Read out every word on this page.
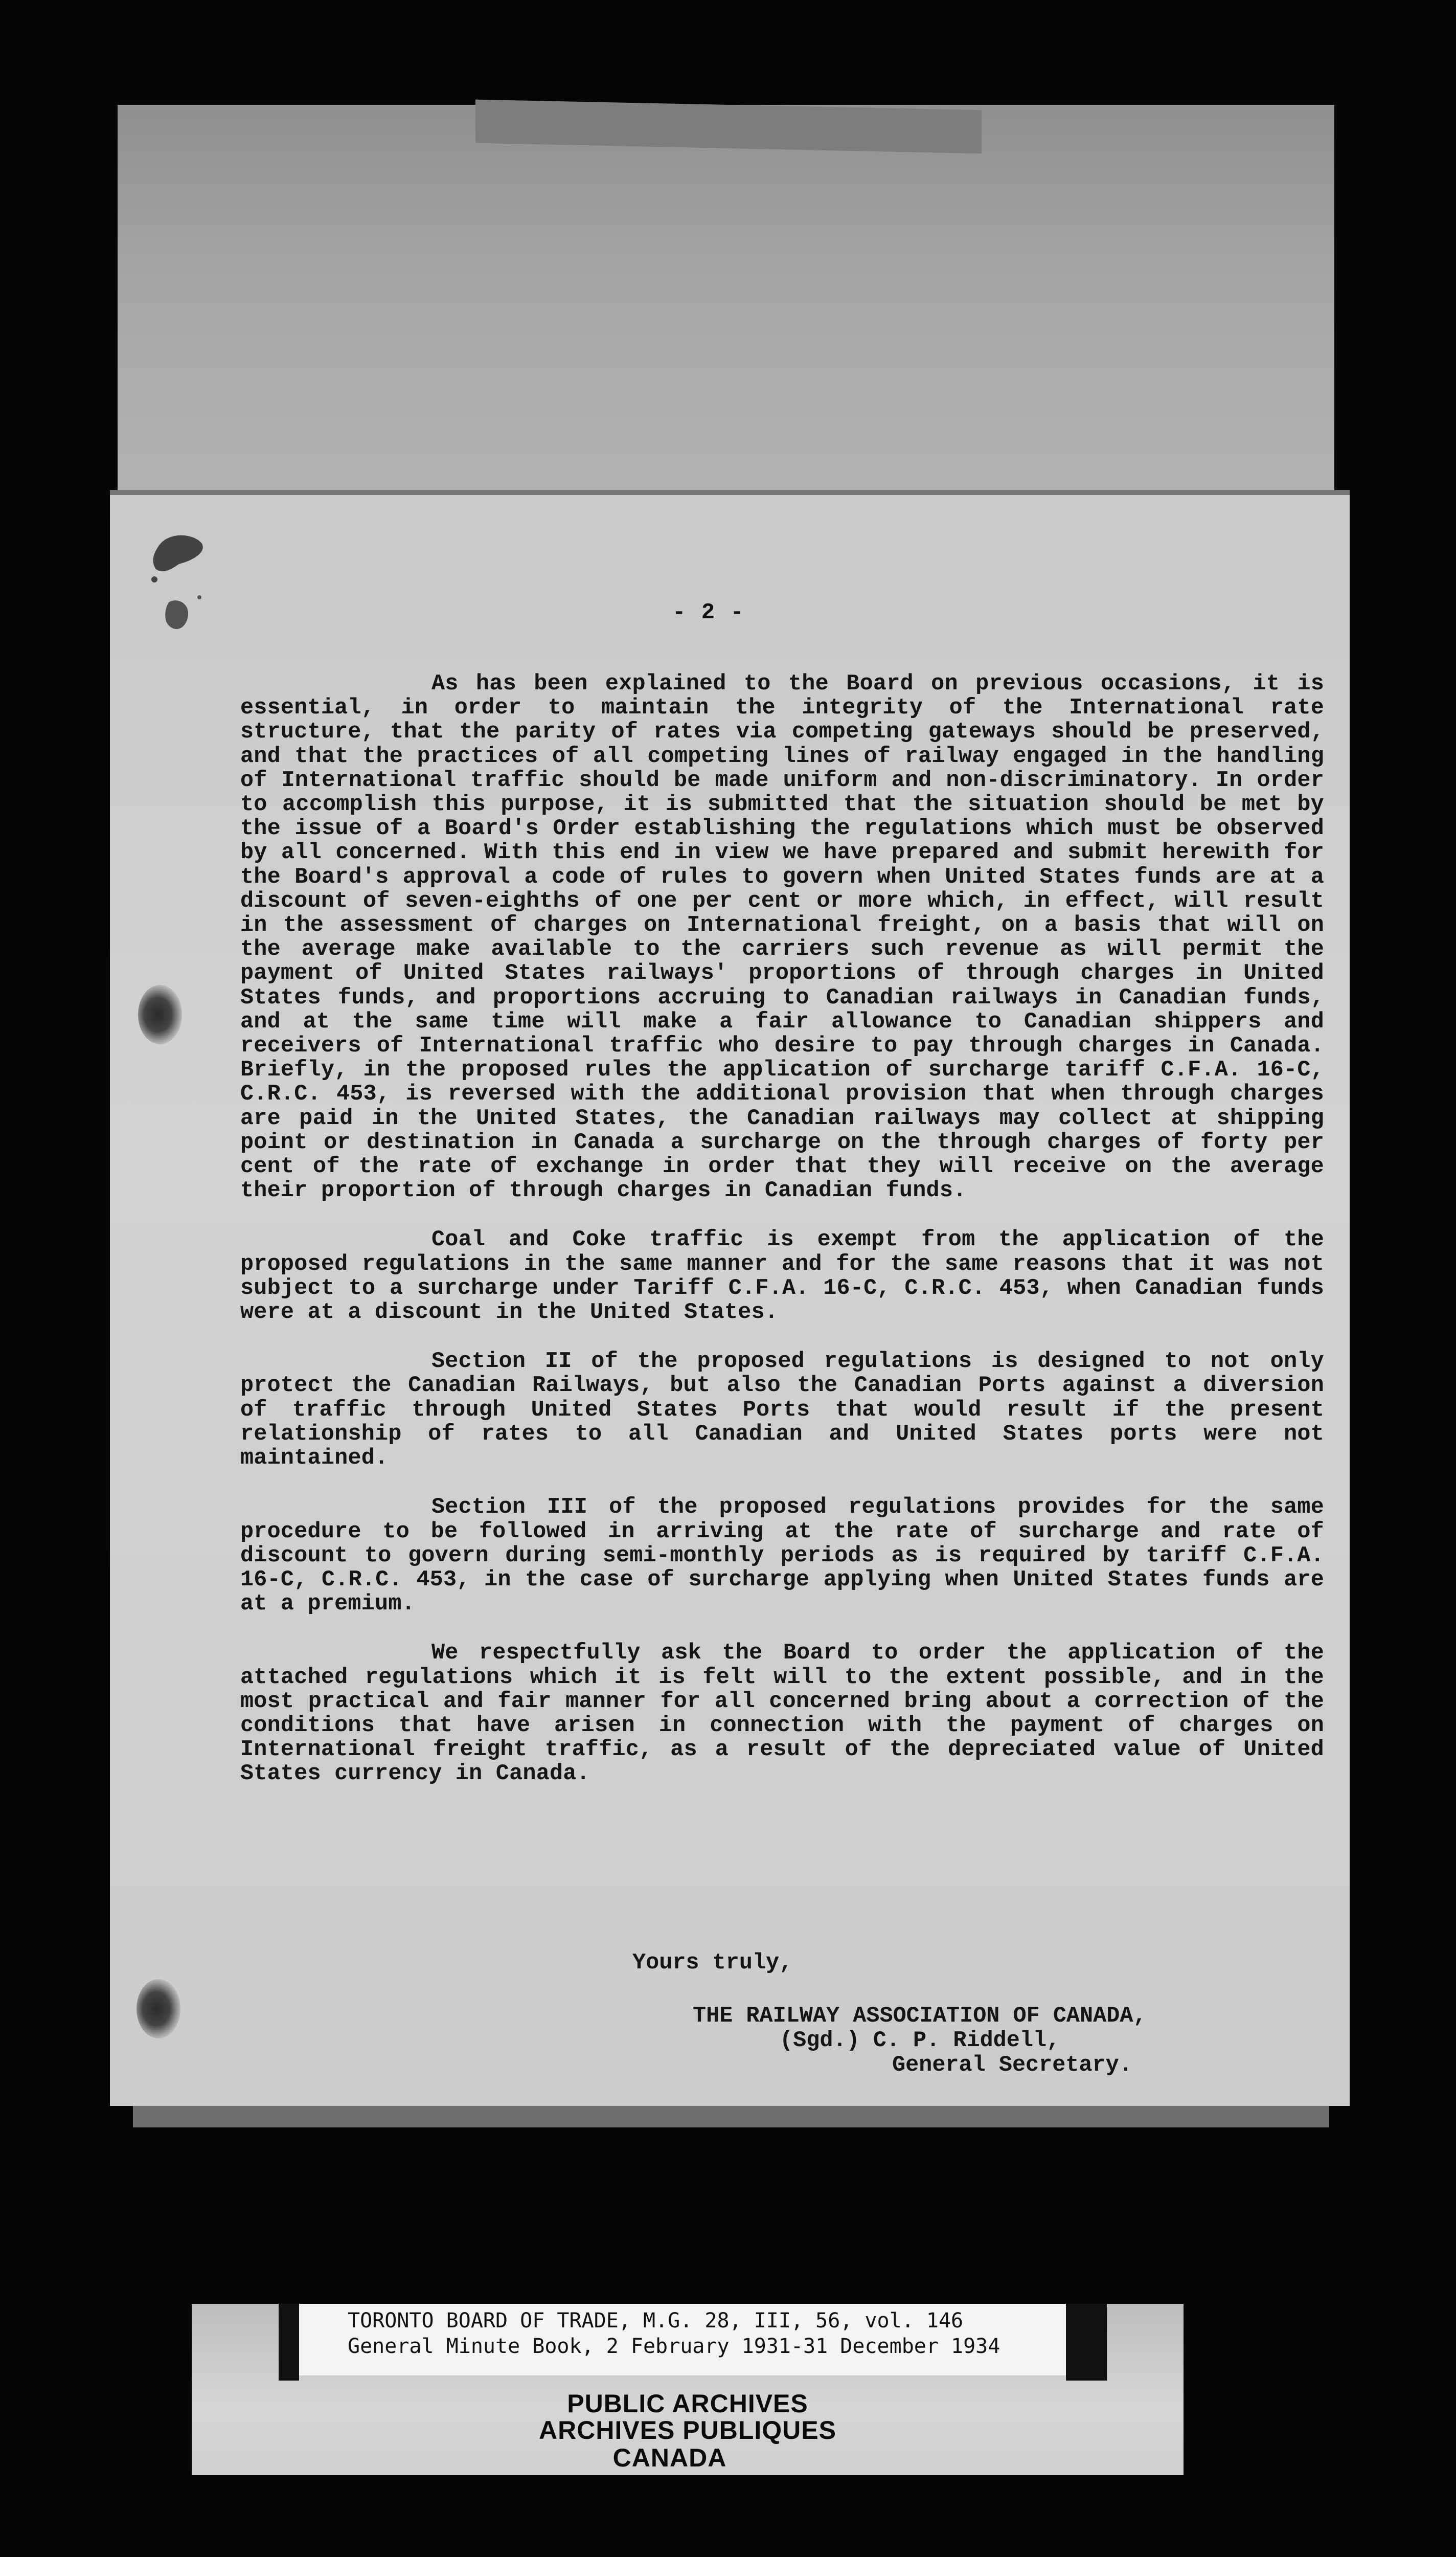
- 2 -

As has been explained to the Board on previous occasions, it is essential, in order to maintain the integrity of the International rate structure, that the parity of rates via competing gateways should be preserved, and that the practices of all competing lines of railway engaged in the handling of International traffic should be made uniform and non-discriminatory. In order to accomplish this purpose, it is submitted that the situation should be met by the issue of a Board's Order establishing the regulations which must be observed by all concerned. With this end in view we have prepared and submit herewith for the Board's approval a code of rules to govern when United States funds are at a discount of seven-eighths of one per cent or more which, in effect, will result in the assessment of charges on International freight, on a basis that will on the average make available to the carriers such revenue as will permit the payment of United States railways' proportions of through charges in United States funds, and proportions accruing to Canadian railways in Canadian funds, and at the same time will make a fair allowance to Canadian shippers and receivers of International traffic who desire to pay through charges in Canada. Briefly, in the proposed rules the application of surcharge tariff C.F.A. 16-C, C.R.C. 453, is reversed with the additional provision that when through charges are paid in the United States, the Canadian railways may collect at shipping point or destination in Canada a surcharge on the through charges of forty per cent of the rate of exchange in order that they will receive on the average their proportion of through charges in Canadian funds.

Coal and Coke traffic is exempt from the application of the proposed regulations in the same manner and for the same reasons that it was not subject to a surcharge under Tariff C.F.A. 16-C, C.R.C. 453, when Canadian funds were at a discount in the United States.

Section II of the proposed regulations is designed to not only protect the Canadian Railways, but also the Canadian Ports against a diversion of traffic through United States Ports that would result if the present relationship of rates to all Canadian and United States ports were not maintained.

Section III of the proposed regulations provides for the same procedure to be followed in arriving at the rate of surcharge and rate of discount to govern during semi-monthly periods as is required by tariff C.F.A. 16-C, C.R.C. 453, in the case of surcharge applying when United States funds are at a premium.

We respectfully ask the Board to order the application of the attached regulations which it is felt will to the extent possible, and in the most practical and fair manner for all concerned bring about a correction of the conditions that have arisen in connection with the payment of charges on International freight traffic, as a result of the depreciated value of United States currency in Canada.

Yours truly,
THE RAILWAY ASSOCIATION OF CANADA,
(Sgd.) C. P. Riddell,
General Secretary.
TORONTO BOARD OF TRADE, M.G. 28, III, 56, vol. 146
General Minute Book, 2 February 1931-31 December 1934
PUBLIC ARCHIVES
ARCHIVES PUBLIQUES
CANADA
